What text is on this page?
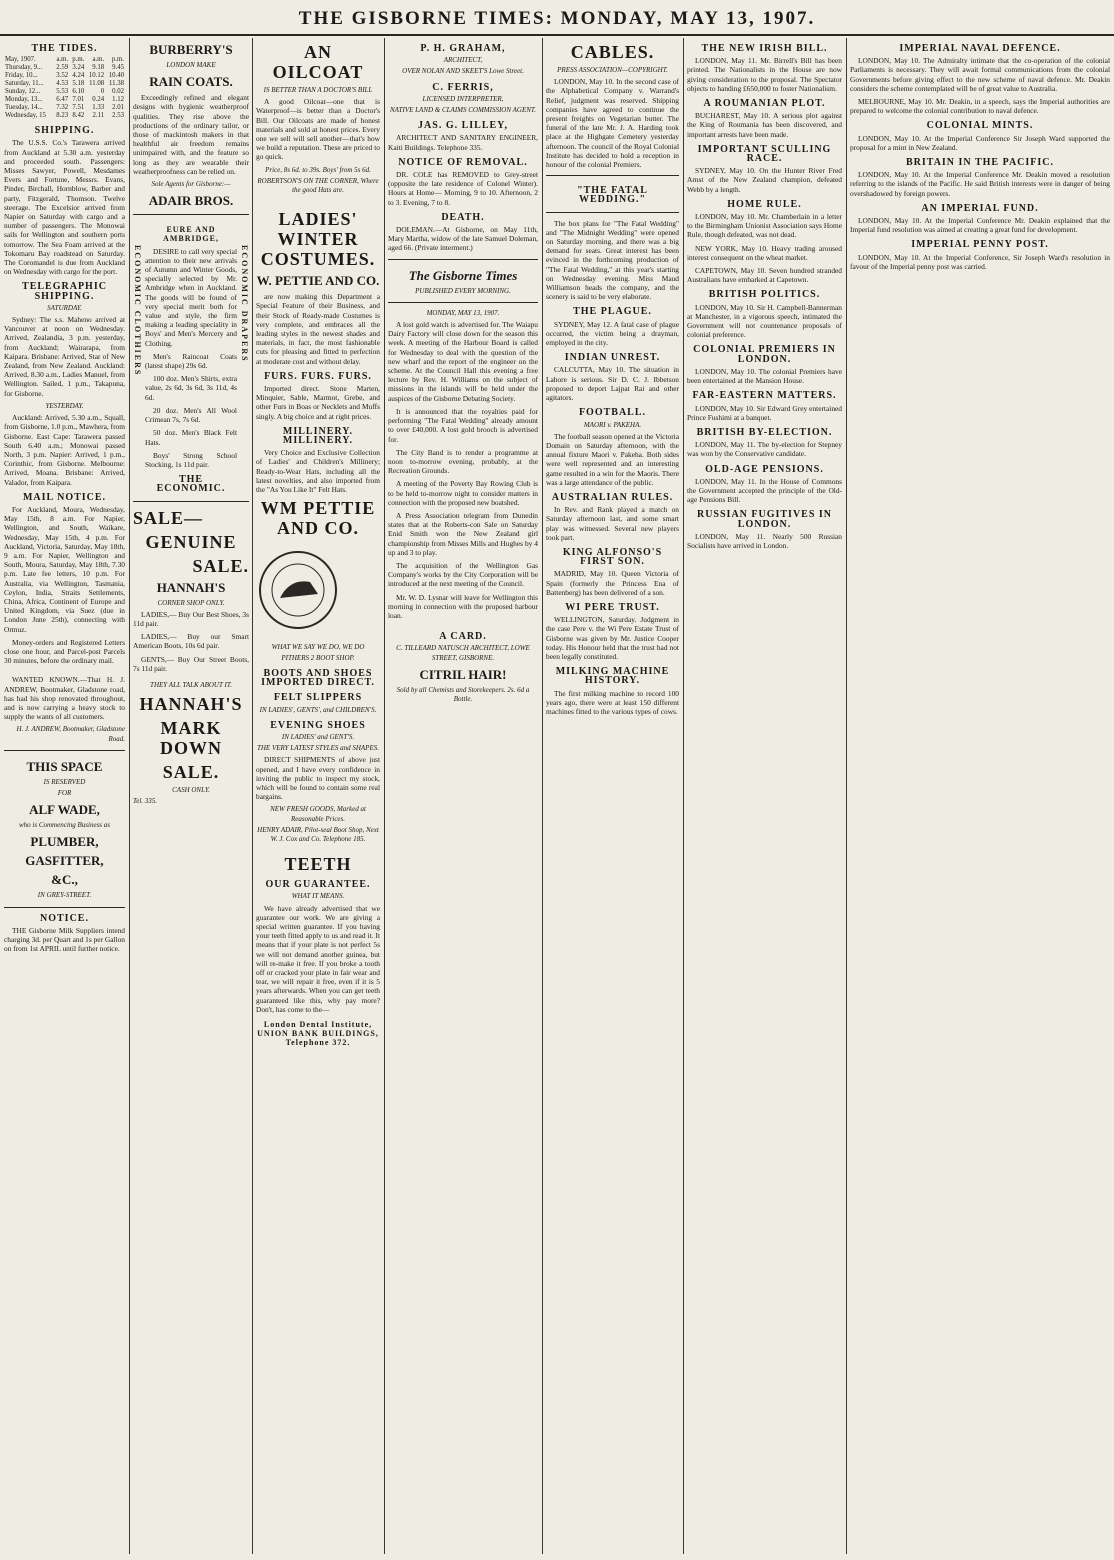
THE GISBORNE TIMES: MONDAY, MAY 13, 1907.
THE TIDES.
May, 1907.	a.m.	p.m.	a.m.	p.m.
Thursday, 9...	2.59	3.24	9.18	9.45
Friday, 10...	3.52	4.24	10.12	10.40
Saturday, 11...	4.53	5.18	11.08	11.38
Sunday, 12...	5.53	6.10	0	0.02
Monday, 13...	6.47	7.01	0.24	1.12
Tuesday, 14...	7.32	7.51	1.33	2.01
Wednesday, 15	8.23	8.42	2.11	2.53
SHIPPING.
The U.S.S. Co.'s Tarawera arrived from Auckland at 5.30 a.m. yesterday and proceeded south. Passengers: Misses Sawyer, Powell, Mesdames Evers and Fortune, Messrs. Evans, Pinder, Birchall, Hornblow, Barber and party, Fitzgerald, Thomson. Twelve steerage. The Excelsior arrived from Napier on Saturday with cargo and a number of passengers. The Monowai sails for Wellington and southern ports tomorrow. The Sea Foam arrived at the Tokomaru Bay roadstead on Saturday. The Coromandel is due from Auckland on Wednesday with cargo for the port.
TELEGRAPHIC SHIPPING.
SATURDAY.
Sydney: The s.s. Maheno arrived at Vancouver at noon on Wednesday. Arrived, Zealandia, 3 p.m. yesterday, from Auckland; Wairarapa, from Kaipara. Brisbane: Arrived, Star of New Zealand, from New Zealand. Auckland: Arrived, 8.30 a.m., Ladies Manuel, from Wellington. Sailed, 1 p.m., Takapuna, for Gisborne.
YESTERDAY.
Auckland: Arrived, 5.30 a.m., Squall, from Gisborne, 1.0 p.m., Mawhera, from Gisborne. East Cape: Tarawera passed South 6.40 a.m.; Monowai passed North, 3 p.m. Napier: Arrived, 1 p.m., Corinthic, from Gisborne. Melbourne: Arrived, Moana. Brisbane: Arrived, Valador, from Kaipara.
MAIL NOTICE.
For Auckland, Moura, Wednesday, May 15th, 8 a.m. For Napier, Wellington, and South, Waikare, Wednesday, May 15th, 4 p.m. For Auckland, Victoria, Saturday, May 18th, 9 a.m. For Napier, Wellington and South, Moura, Saturday, May 18th, 7.30 p.m. Late fee letters, 10 p.m. For Australia, via Wellington, Tasmania, Ceylon, India, Straits Settlements, China, Africa, Continent of Europe and United Kingdom, via Suez (due in London June 25th), connecting with Ormuz.
Money-orders and Registered Letters close one hour, and Parcel-post Parcels 30 minutes, before the ordinary mail.
WANTED KNOWN.—That H. J. ANDREW, Bootmaker, Gladstone road, has had his shop renovated throughout, and is now carrying a heavy stock to supply the wants of all customers.
H. J. ANDREW, Bootmaker, Gladstone Road.
THIS SPACE
IS RESERVED
FOR
ALF WADE,
who is Commencing Business as
PLUMBER,
GASFITTER,
&C.,
IN GREY-STREET.
NOTICE.
THE Gisborne Milk Suppliers intend charging 3d. per Quart and 1s per Gallon on from 1st APRIL until further notice.
BURBERRY'S
LONDON MAKE
RAIN COATS.
Exceedingly refined and elegant designs with hygienic weatherproof qualities. They rise above the productions of the ordinary tailor, or those of mackintosh makers in that healthful air freedom remains unimpaired with, and the feature so long as they are wearable their weatherproofness can be relied on.
Sole Agents for Gisborne:—
ADAIR BROS.
ECONOMIC CLOTHIERS	ECONOMIC DRAPERS
EURE AND AMBRIDGE,
DESIRE to call very special attention to their new arrivals of Autumn and Winter Goods, specially selected by Mr. Ambridge when in Auckland. The goods will be found of very special merit both for value and style, the firm making a leading speciality in Boys' and Men's Mercery and Clothing.
Men's Raincoat Coats (latest shape) 29s 6d.
100 doz. Men's Shirts, extra value, 2s 6d, 3s 6d, 3s 11d, 4s 6d.
20 doz. Men's All Wool Crimean 7s, 7s 6d.
50 doz. Men's Black Felt Hats.
Boys' Strong School Stocking, 1s 11d pair.
THE ECONOMIC.
SALE—
GENUINE
SALE.
HANNAH'S
CORNER SHOP ONLY.
LADIES,— Buy Our Best Shoes, 3s 11d pair.
LADIES,— Buy our Smart American Boots, 10s 6d pair.
GENTS,— Buy Our Street Boots, 7s 11d pair.
THEY ALL TALK ABOUT IT.
HANNAH'S
MARK DOWN
SALE.
CASH ONLY.
Tel. 335.
AN OILCOAT
IS BETTER THAN A DOCTOR'S BILL
A good Oilcoat—one that is Waterproof—is better than a Doctor's Bill. Our Oilcoats are made of honest materials and sold at honest prices. Every one we sell will sell another—that's how we build a reputation. These are priced to go quick.
Price, 8s 6d. to 39s. Boys' from 5s 6d.
ROBERTSON'S ON THE CORNER, Where the good Hats are.
LADIES' WINTER COSTUMES.
W. PETTIE AND CO.
are now making this Department a Special Feature of their Business, and their Stock of Ready-made Costumes is very complete, and embraces all the leading styles in the newest shades and materials, in fact, the most fashionable cuts for pleasing and fitted to perfection at moderate cost and without delay.
FURS. FURS. FURS.
Imported direct. Stone Marten, Minquier, Sable, Marmot, Grebe, and other Furs in Boas or Necklets and Muffs singly. A big choice and at right prices.
MILLINERY. MILLINERY.
Very Choice and Exclusive Collection of Ladies' and Children's Millinery; Ready-to-Wear Hats, including all the latest novelties, and also imported from the "As You Like It" Felt Hats.
WM PETTIE AND CO.
WHAT WE SAY WE DO, WE DO
PITHERS 2 BOOT SHOP.
BOOTS AND SHOES IMPORTED DIRECT.
FELT SLIPPERS
IN LADIES', GENTS', and CHILDREN'S.
EVENING SHOES
IN LADIES' and GENT'S.
THE VERY LATEST STYLES and SHAPES.
DIRECT SHIPMENTS of above just opened, and I have every confidence in inviting the public to inspect my stock, which will be found to contain some real bargains.
NEW FRESH GOODS, Marked at Reasonable Prices.
HENRY ADAIR, Pilot-seal Boot Shop, Next W. J. Cox and Co. Telephone 185.
TEETH
OUR GUARANTEE.
WHAT IT MEANS.
We have already advertised that we guarantee our work. We are giving a special written guarantee. If you having your teeth fitted apply to us and read it. It means that if your plate is not perfect 5s we will not demand another guinea, but will re-make it free. If you broke a tooth off or cracked your plate in fair wear and tear, we will repair it free, even if it is 5 years afterwards. When you can get teeth guaranteed like this, why pay more? Don't, has come to the—
London Dental Institute, UNION BANK BUILDINGS, Telephone 372.
P. H. GRAHAM,
ARCHITECT,
OVER NOLAN AND SKEET'S Lowe Street.
C. FERRIS,
LICENSED INTERPRETER,
NATIVE LAND & CLAIMS COMMISSION AGENT.
JAS. G. LILLEY,
ARCHITECT AND SANITARY ENGINEER, Kaiti Buildings. Telephone 335.
NOTICE OF REMOVAL.
DR. COLE has REMOVED to Grey-street (opposite the late residence of Colonel Winter). Hours at Home— Morning, 9 to 10. Afternoon, 2 to 3. Evening, 7 to 8.
DEATH.
DOLEMAN.—At Gisborne, on May 11th, Mary Martha, widow of the late Samuel Doleman, aged 66. (Private interment.)
The Gisborne Times
PUBLISHED EVERY MORNING.
MONDAY, MAY 13, 1907.
A lost gold watch is advertised for. The Waiapu Dairy Factory will close down for the season this week. A meeting of the Harbour Board is called for Wednesday to deal with the question of the new wharf and the report of the engineer on the scheme. At the Council Hall this evening a free lecture by Rev. H. Williams on the subject of missions in the islands will be held under the auspices of the Gisborne Debating Society.
It is announced that the royalties paid for performing "The Fatal Wedding" already amount to over £40,000. A lost gold brooch is advertised for.
The City Band is to render a programme at noon to-morrow evening, probably, at the Recreation Grounds.
A meeting of the Poverty Bay Rowing Club is to be held to-morrow night to consider matters in connection with the proposed new boatshed.
A Press Association telegram from Dunedin states that at the Roberts-con Sale on Saturday Enid Smith won the New Zealand girl championship from Misses Mills and Hughes by 4 up and 3 to play.
The acquisition of the Wellington Gas Company's works by the City Corporation will be introduced at the next meeting of the Council.
Mr. W. D. Lysnar will leave for Wellington this morning in connection with the proposed harbour loan.
A CARD.
C. TILLEARD NATUSCH ARCHITECT, LOWE STREET, GISBORNE.
CITRIL HAIR!
Sold by all Chemists and Storekeepers. 2s. 6d a Bottle.
CABLES.
PRESS ASSOCIATION—COPYRIGHT.
LONDON, May 10. In the second case of the Alphabetical Company v. Warrand's Relief, judgment was reserved. Shipping companies have agreed to continue the present freights on Vegetarian butter. The funeral of the late Mr. J. A. Harding took place at the Highgate Cemetery yesterday afternoon. The council of the Royal Colonial Institute has decided to hold a reception in honour of the colonial Premiers.
"THE FATAL WEDDING."
The box plans for "The Fatal Wedding" and "The Midnight Wedding" were opened on Saturday morning, and there was a big demand for seats. Great interest has been evinced in the forthcoming production of "The Fatal Wedding," at this year's starting on Wednesday evening. Miss Maud Williamson heads the company, and the scenery is said to be very elaborate.
THE PLAGUE.
SYDNEY, May 12. A fatal case of plague occurred, the victim being a drayman, employed in the city.
INDIAN UNREST.
CALCUTTA, May 10. The situation in Lahore is serious. Sir D. C. J. Ibbetson proposed to deport Lajpat Rai and other agitators.
FOOTBALL.
MAORI v. PAKEHA.
The football season opened at the Victoria Domain on Saturday afternoon, with the annual fixture Maori v. Pakeha. Both sides were well represented and an interesting game resulted in a win for the Maoris. There was a large attendance of the public.
AUSTRALIAN RULES.
In Rev. and Rank played a match on Saturday afternoon last, and some smart play was witnessed. Several new players took part.
KING ALFONSO'S FIRST SON.
MADRID, May 10. Queen Victoria of Spain (formerly the Princess Ena of Battenberg) has been delivered of a son.
WI PERE TRUST.
WELLINGTON, Saturday. Judgment in the case Pere v. the Wi Pere Estate Trust of Gisborne was given by Mr. Justice Cooper today. His Honour held that the trust had not been legally constituted.
MILKING MACHINE HISTORY.
The first milking machine to record 100 years ago, there were at least 150 different machines fitted to the various types of cows.
THE NEW IRISH BILL.
LONDON, May 11. Mr. Birrell's Bill has been printed. The Nationalists in the House are now giving consideration to the proposal. The Spectator objects to handing £650,000 to foster Nationalism.
A ROUMANIAN PLOT.
BUCHAREST, May 10. A serious plot against the King of Roumania has been discovered, and important arrests have been made.
IMPORTANT SCULLING RACE.
SYDNEY, May 10. On the Hunter River Fred Arnst of the New Zealand champion, defeated Webb by a length.
HOME RULE.
LONDON, May 10. Mr. Chamberlain in a letter to the Birmingham Unionist Association says Home Rule, though defeated, was not dead.
NEW YORK, May 10. Heavy trading aroused interest consequent on the wheat market.
CAPETOWN, May 10. Seven hundred stranded Australians have embarked at Capetown.
BRITISH POLITICS.
LONDON, May 10. Sir H. Campbell-Bannerman at Manchester, in a vigorous speech, intimated the Government will not countenance proposals of colonial preference.
COLONIAL PREMIERS IN LONDON.
LONDON, May 10. The colonial Premiers have been entertained at the Mansion House.
FAR-EASTERN MATTERS.
LONDON, May 10. Sir Edward Grey entertained Prince Fushimi at a banquet.
BRITISH BY-ELECTION.
LONDON, May 11. The by-election for Stepney was won by the Conservative candidate.
OLD-AGE PENSIONS.
LONDON, May 11. In the House of Commons the Government accepted the principle of the Old-age Pensions Bill.
RUSSIAN FUGITIVES IN LONDON.
LONDON, May 11. Nearly 500 Russian Socialists have arrived in London.
IMPERIAL NAVAL DEFENCE.
LONDON, May 10. The Admiralty intimate that the co-operation of the colonial Parliaments is necessary. They will await formal communications from the colonial Governments before giving effect to the new scheme of naval defence. Mr. Deakin considers the scheme contemplated will be of great value to Australia.
MELBOURNE, May 10. Mr. Deakin, in a speech, says the Imperial authorities are prepared to welcome the colonial contribution to naval defence.
COLONIAL MINTS.
LONDON, May 10. At the Imperial Conference Sir Joseph Ward supported the proposal for a mint in New Zealand.
BRITAIN IN THE PACIFIC.
LONDON, May 10. At the Imperial Conference Mr. Deakin moved a resolution referring to the islands of the Pacific. He said British interests were in danger of being overshadowed by foreign powers.
AN IMPERIAL FUND.
LONDON, May 10. At the Imperial Conference Mr. Deakin explained that the Imperial fund resolution was aimed at creating a great fund for development.
IMPERIAL PENNY POST.
LONDON, May 10. At the Imperial Conference, Sir Joseph Ward's resolution in favour of the Imperial penny post was carried.
